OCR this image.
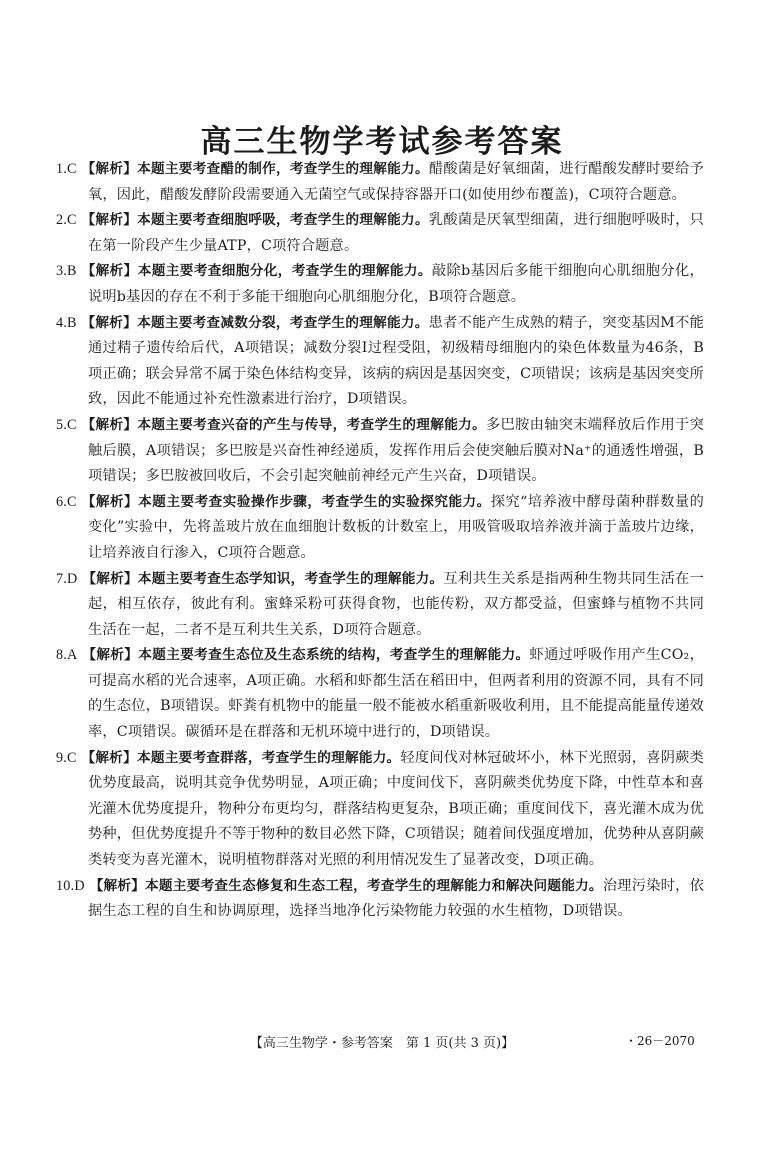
高三生物学考试参考答案
1.C 【解析】本题主要考查醋的制作，考查学生的理解能力。醋酸菌是好氧细菌，进行醋酸发酵时要给予氧，因此，醋酸发酵阶段需要通入无菌空气或保持容器开口(如使用纱布覆盖)，C项符合题意。
2.C 【解析】本题主要考查细胞呼吸，考查学生的理解能力。乳酸菌是厌氧型细菌，进行细胞呼吸时，只在第一阶段产生少量ATP，C项符合题意。
3.B 【解析】本题主要考查细胞分化，考查学生的理解能力。敲除b基因后多能干细胞向心肌细胞分化，说明b基因的存在不利于多能干细胞向心肌细胞分化，B项符合题意。
4.B 【解析】本题主要考查减数分裂，考查学生的理解能力。患者不能产生成熟的精子，突变基因M不能通过精子遗传给后代，A项错误；减数分裂Ⅰ过程受阻，初级精母细胞内的染色体数量为46条，B项正确；联会异常不属于染色体结构变异，该病的病因是基因突变，C项错误；该病是基因突变所致，因此不能通过补充性激素进行治疗，D项错误。
5.C 【解析】本题主要考查兴奋的产生与传导，考查学生的理解能力。多巴胺由轴突末端释放后作用于突触后膜，A项错误；多巴胺是兴奋性神经递质，发挥作用后会使突触后膜对Na⁺的通透性增强，B项错误；多巴胺被回收后，不会引起突触前神经元产生兴奋，D项错误。
6.C 【解析】本题主要考查实验操作步骤，考查学生的实验探究能力。探究“培养液中酵母菌种群数量的变化”实验中，先将盖玻片放在血细胞计数板的计数室上，用吸管吸取培养液并滴于盖玻片边缘，让培养液自行渗入，C项符合题意。
7.D 【解析】本题主要考查生态学知识，考查学生的理解能力。互利共生关系是指两种生物共同生活在一起，相互依存，彼此有利。蜜蜂采粉可获得食物，也能传粉，双方都受益，但蜜蜂与植物不共同生活在一起，二者不是互利共生关系，D项符合题意。
8.A 【解析】本题主要考查生态位及生态系统的结构，考查学生的理解能力。虾通过呼吸作用产生CO₂，可提高水稻的光合速率，A项正确。水稻和虾都生活在稻田中，但两者利用的资源不同，具有不同的生态位，B项错误。虾粪有机物中的能量一般不能被水稻重新吸收利用，且不能提高能量传递效率，C项错误。碳循环是在群落和无机环境中进行的，D项错误。
9.C 【解析】本题主要考查群落，考查学生的理解能力。轻度间伐对林冠破坏小，林下光照弱，喜阴蕨类优势度最高，说明其竞争优势明显，A项正确；中度间伐下，喜阴蕨类优势度下降，中性草本和喜光灌木优势度提升，物种分布更均匀，群落结构更复杂，B项正确；重度间伐下，喜光灌木成为优势种，但优势度提升不等于物种的数目必然下降，C项错误；随着间伐强度增加，优势种从喜阴蕨类转变为喜光灌木，说明植物群落对光照的利用情况发生了显著改变，D项正确。
10.D 【解析】本题主要考查生态修复和生态工程，考查学生的理解能力和解决问题能力。治理污染时，依据生态工程的自生和协调原理，选择当地净化污染物能力较强的水生植物，D项错误。
【高三生物学・参考答案　第 1 页(共 3 页)】	・26－2070
